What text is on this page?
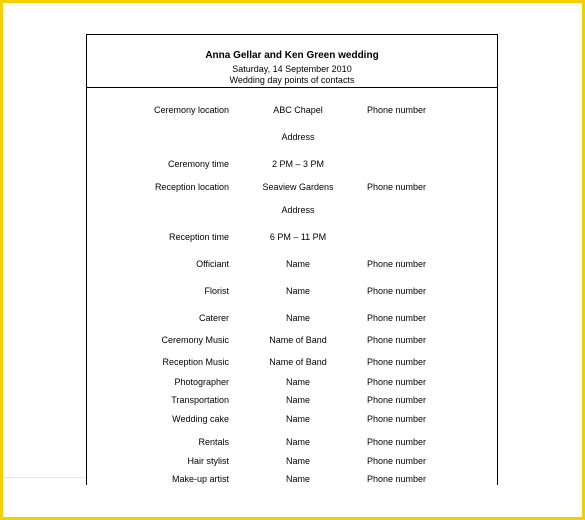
Anna Gellar and Ken Green wedding
Saturday, 14 September 2010
Wedding day points of contacts
Ceremony location	ABC Chapel	Phone number
Address
Ceremony time	2 PM – 3 PM
Reception location	Seaview Gardens	Phone number
Address
Reception time	6 PM – 11 PM
Officiant	Name	Phone number
Florist	Name	Phone number
Caterer	Name	Phone number
Ceremony Music	Name of Band	Phone number
Reception Music	Name of Band	Phone number
Photographer	Name	Phone number
Transportation	Name	Phone number
Wedding cake	Name	Phone number
Rentals	Name	Phone number
Hair stylist	Name	Phone number
Make-up artist	Name	Phone number
